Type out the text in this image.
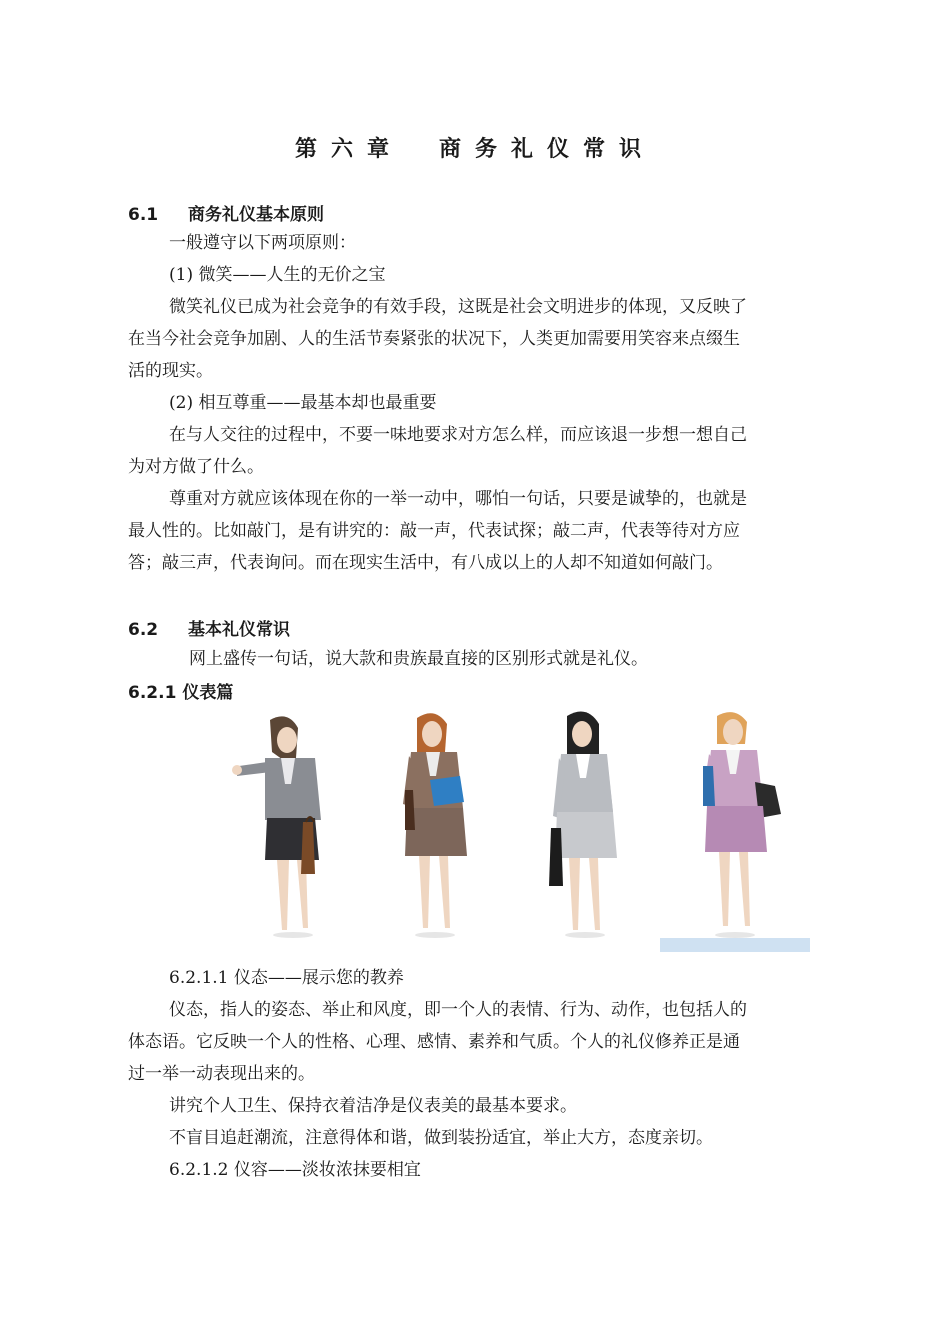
第六章 商务礼仪常识
6.1 商务礼仪基本原则
一般遵守以下两项原则：
(1) 微笑——人生的无价之宝
微笑礼仪已成为社会竞争的有效手段，这既是社会文明进步的体现，又反映了
在当今社会竞争加剧、人的生活节奏紧张的状况下，人类更加需要用笑容来点缀生
活的现实。
(2) 相互尊重——最基本却也最重要
在与人交往的过程中，不要一味地要求对方怎么样，而应该退一步想一想自己
为对方做了什么。
尊重对方就应该体现在你的一举一动中，哪怕一句话，只要是诚挚的，也就是
最人性的。比如敲门，是有讲究的：敲一声，代表试探；敲二声，代表等待对方应
答；敲三声，代表询问。而在现实生活中，有八成以上的人却不知道如何敲门。
6.2 基本礼仪常识
网上盛传一句话，说大款和贵族最直接的区别形式就是礼仪。
6.2.1 仪表篇
6.2.1.1 仪态——展示您的教养
仪态，指人的姿态、举止和风度，即一个人的表情、行为、动作，也包括人的
体态语。它反映一个人的性格、心理、感情、素养和气质。个人的礼仪修养正是通
过一举一动表现出来的。
讲究个人卫生、保持衣着洁净是仪表美的最基本要求。
不盲目追赶潮流，注意得体和谐，做到装扮适宜，举止大方，态度亲切。
6.2.1.2 仪容——淡妆浓抹要相宜
